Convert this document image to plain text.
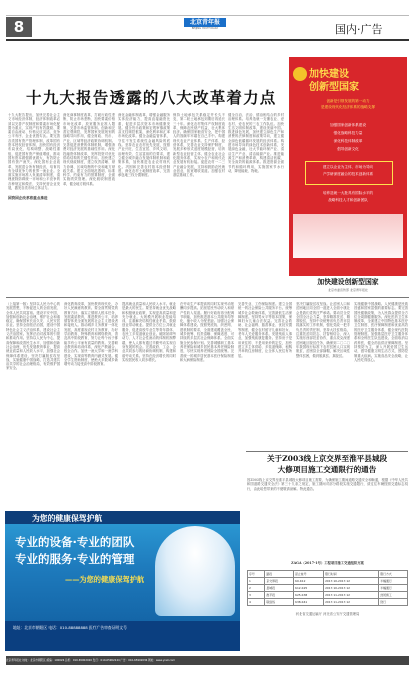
8	北京青年报
BEIJING YOUTH DAILY	国内·广告
十九大报告透露的八大改革着力点
十九大报告提出，加快完善社会主义市场经济体制，经济体制改革必须以完善产权制度和要素市场化配置为重点，实现产权有效激励、要素自由流动、价格反应灵活、竞争公平有序、企业优胜劣汰。要完善各类国有资产管理体制，改革国有资本授权经营体制，加快国有经济布局优化、结构调整、战略性重组，促进国有资产保值增值，推动国有资本做强做优做大，有效防止国有资产流失。深化国有企业改革，发展混合所有制经济，培育具有全球竞争力的世界一流企业。全面实施市场准入负面清单制度，清理废除妨碍统一市场和公平竞争的各种规定和做法，支持民营企业发展，激发各类市场主体活力。
深化商事制度改革，打破行政性垄断，防止市场垄断，加快要素价格市场化改革，放宽服务业准入限制，完善市场监管体制。创新和完善宏观调控，发挥国家发展规划的战略导向作用，健全财政、货币、产业、区域等经济政策协调机制。完善促进消费的体制机制，增强消费对经济发展的基础性作用。深化投融资体制改革，发挥投资对优化供给结构的关键性作用。加快建立现代财政制度，建立权责清晰、财力协调、区域均衡的中央和地方财政关系。建立全面规范透明、标准科学、约束有力的预算制度，全面实施绩效管理。深化税收制度改革，健全地方税体系。
深化金融体制改革，增强金融服务实体经济能力，提高直接融资比重，促进多层次资本市场健康发展。健全货币政策和宏观审慎政策双支柱调控框架，深化利率和汇率市场化改革。健全金融监管体系，守住不发生系统性金融风险的底线。坚持农业农村优先发展，按照产业兴旺、生态宜居、乡风文明、治理有效、生活富裕的总要求，建立健全城乡融合发展体制机制和政策体系，加快推进农业农村现代化。巩固和完善农村基本经营制度，深化农村土地制度改革，完善承包地三权分置制度。
保持土地承包关系稳定并长久不变，第二轮土地承包到期后再延长三十年。深化农村集体产权制度改革，保障农民财产权益，壮大集体经济。确保国家粮食安全，把中国人的饭碗牢牢端在自己手中。构建现代农业产业体系、生产体系、经营体系，完善农业支持保护制度，发展多种形式适度规模经营，培育新型农业经营主体，健全农业社会化服务体系，实现小农户和现代农业发展有机衔接。促进农村一二三产业融合发展，支持和鼓励农民就业创业，拓宽增收渠道。加强农村基层基础工作。
健全自治、法治、德治相结合的乡村治理体系。培养造就一支懂农业、爱农村、爱农民的三农工作队伍。加快生态文明体制改革，建设美丽中国。推进绿色发展，加快建立绿色生产和消费的法律制度和政策导向，建立健全绿色低碳循环发展的经济体系。构建市场导向的绿色技术创新体系，发展绿色金融，壮大节能环保产业、清洁生产产业、清洁能源产业。推进能源生产和消费革命，构建清洁低碳、安全高效的能源体系。推进资源全面节约和循环利用，实施国家节水行动，降低能耗、物耗。
国资国企改革将重点推进
加快建设
创新型国家
创新是引领发展的第一动力
是建设现代化经济体系的战略支撑
加强国家创新体系建设
强化战略科技力量
深化科技体制改革
倡导创新文化
建立以企业为主体、市场为导向
产学研深度融合的技术创新体系
培养造就一大批具有国际水平的
战略科技人才和创新团队
加快建设创新型国家
北京市委宣传部 北京青年报社
（上接第一版）坚持以人民为中心的发展思想，不断促进人的全面发展、全体人民共同富裕。建设平安中国，加强和创新社会治理，维护社会和谐稳定，确保国家长治久安、人民安居乐业。坚持全面依法治国，建设中国特色社会主义法治体系，建设社会主义法治国家。发挥法治对改革的引领和推动作用。坚持以人民为中心，提高保障和改善民生水平，加强和创新社会治理，优先发展教育事业，提高就业质量和人民收入水平，加强社会保障体系建设，坚决打赢脱贫攻坚战，实施健康中国战略，打造共建共治共享的社会治理格局，有效维护国家安全。
深化教育改革，加快教育现代化，办好人民满意的教育。要全面贯彻党的教育方针，落实立德树人根本任务，发展素质教育，推进教育公平，培养德智体美全面发展的社会主义建设者和接班人。推动城乡义务教育一体化发展，高度重视农村义务教育，办好学前教育、特殊教育和网络教育，普及高中阶段教育，努力让每个孩子都能享有公平而有质量的教育。完善职业教育和培训体系，深化产教融合、校企合作。加快一流大学和一流学科建设，实现高等教育内涵式发展。健全学生资助制度，使绝大多数城乡新增劳动力接受高中阶段教育。
提高就业质量和人民收入水平。就业是最大的民生。要坚持就业优先战略和积极就业政策，实现更高质量和更充分就业。大规模开展职业技能培训，注重解决结构性就业矛盾，鼓励创业带动就业。提供全方位公共就业服务，促进高校毕业生等青年群体、农民工多渠道就业创业。破除妨碍劳动力、人才社会性流动的体制机制弊端，使人人都有通过辛勤劳动实现自身发展的机会。完善政府、工会、企业共同参与的协商协调机制，构建和谐劳动关系。坚持在经济增长的同时实现居民收入同步增长。
在劳动生产率提高的同时实现劳动报酬同步提高。拓宽居民劳动收入和财产性收入渠道。履行好政府再分配调节职能，加快推进基本公共服务均等化，缩小收入分配差距。加强社会保障体系建设。按照兜底线、织密网、建机制的要求，全面建成覆盖全民、城乡统筹、权责清晰、保障适度、可持续的多层次社会保障体系。全面实施全民参保计划。完善城镇职工基本养老保险和城乡居民基本养老保险制度，尽快实现养老保险全国统筹。完善统一的城乡居民基本医疗保险制度和大病保险制度。
完善失业、工伤保险制度。建立全国统一的社会保险公共服务平台。统筹城乡社会救助体系，完善最低生活保障制度。坚持男女平等基本国策，保障妇女儿童合法权益。完善社会救助、社会福利、慈善事业、优抚安置等制度，健全农村留守儿童和妇女、老年人关爱服务体系。发展残疾人事业，加强残疾康复服务。坚持房子是用来住的、不是用来炒的定位，加快建立多主体供给、多渠道保障、租购并举的住房制度，让全体人民住有所居。
坚决打赢脱贫攻坚战。让贫困人口和贫困地区同全国一道进入全面小康社会是我们党的庄严承诺。要动员全党全国全社会力量，坚持精准扶贫、精准脱贫，坚持中央统筹省负总责市县抓落实的工作机制，强化党政一把手负总责的责任制，坚持大扶贫格局，注重扶贫同扶志、扶智相结合，深入实施东西部扶贫协作，重点攻克深度贫困地区脱贫任务，确保到二〇二〇年我国现行标准下农村贫困人口实现脱贫，贫困县全部摘帽，解决区域性整体贫困，做到脱真贫、真脱贫。
实施健康中国战略。人民健康是民族昌盛和国家富强的重要标志。要完善国民健康政策，为人民群众提供全方位全周期健康服务。深化医药卫生体制改革，全面建立中国特色基本医疗卫生制度、医疗保障制度和优质高效的医疗卫生服务体系，健全现代医院管理制度。加强基层医疗卫生服务体系和全科医生队伍建设。全面取消以药养医，健全药品供应保障制度。坚持预防为主，深入开展爱国卫生运动，倡导健康文明生活方式，预防控制重大疾病。实施食品安全战略，让人民吃得放心。
关于Z003线上京交界至淮平县城段
大修项目施工交通限行的通告
因Z003线上京交界至淮平县城段大修项目施工需要，为确保施工期间道路交通安全和畅通，根据《中华人民共和国道路交通安全法》第三十九条之规定，施工期间对部分路段实施交通限行，请过往车辆按照交通标志绕行，由此给您带来的不便敬请谅解。特此通告。
为您的健康保驾护航
专业的设备·专业的团队
专业的服务·专业的管理
——为您的健康保驾护航
地址：北京市朝阳区 电话：010-88888888 医疗广告审查证明文号
ZAGA（2017-1号）工程项目施工交通组织方案
序号	路段	起止桩号	限行时间	限行方式
1	京交界段	K0-K12	2017.10-2017.12	半幅通行
2	县城段	K12-K25	2017.10-2017.12	半幅通行
3	淮平段	K25-K38	2017.11-2017.12	封闭施工
4	联络线	K38-K41	2017.11-2017.12	绕行
河北省交通运输厅 河北省公安厅交通管理局
北京青年报社 地址：北京市朝阳区 邮编：100026 总机：010-65902020 发行：010-65902244 广告：010-65902036 网址：www.ynet.com
